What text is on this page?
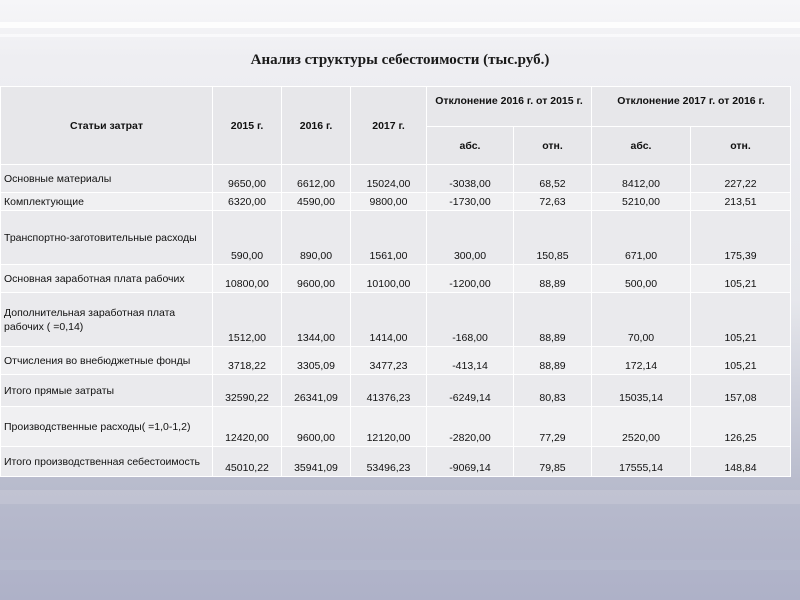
Анализ структуры себестоимости (тыс.руб.)
Статьи затрат	2015 г.	2016 г.	2017 г.	Отклонение 2016 г. от 2015 г.		Отклонение 2017 г. от 2016 г.	
				абс.	отн.	абс.	отн.
Основные материалы	9650,00	6612,00	15024,00	-3038,00	68,52	8412,00	227,22
Комплектующие	6320,00	4590,00	9800,00	-1730,00	72,63	5210,00	213,51
Транспортно-заготовительные расходы	590,00	890,00	1561,00	300,00	150,85	671,00	175,39
Основная заработная плата рабочих	10800,00	9600,00	10100,00	-1200,00	88,89	500,00	105,21
Дополнительная заработная плата рабочих ( =0,14)	1512,00	1344,00	1414,00	-168,00	88,89	70,00	105,21
Отчисления во внебюджетные фонды	3718,22	3305,09	3477,23	-413,14	88,89	172,14	105,21
Итого прямые затраты	32590,22	26341,09	41376,23	-6249,14	80,83	15035,14	157,08
Производственные расходы( =1,0-1,2)	12420,00	9600,00	12120,00	-2820,00	77,29	2520,00	126,25
Итого производственная себестоимость	45010,22	35941,09	53496,23	-9069,14	79,85	17555,14	148,84
